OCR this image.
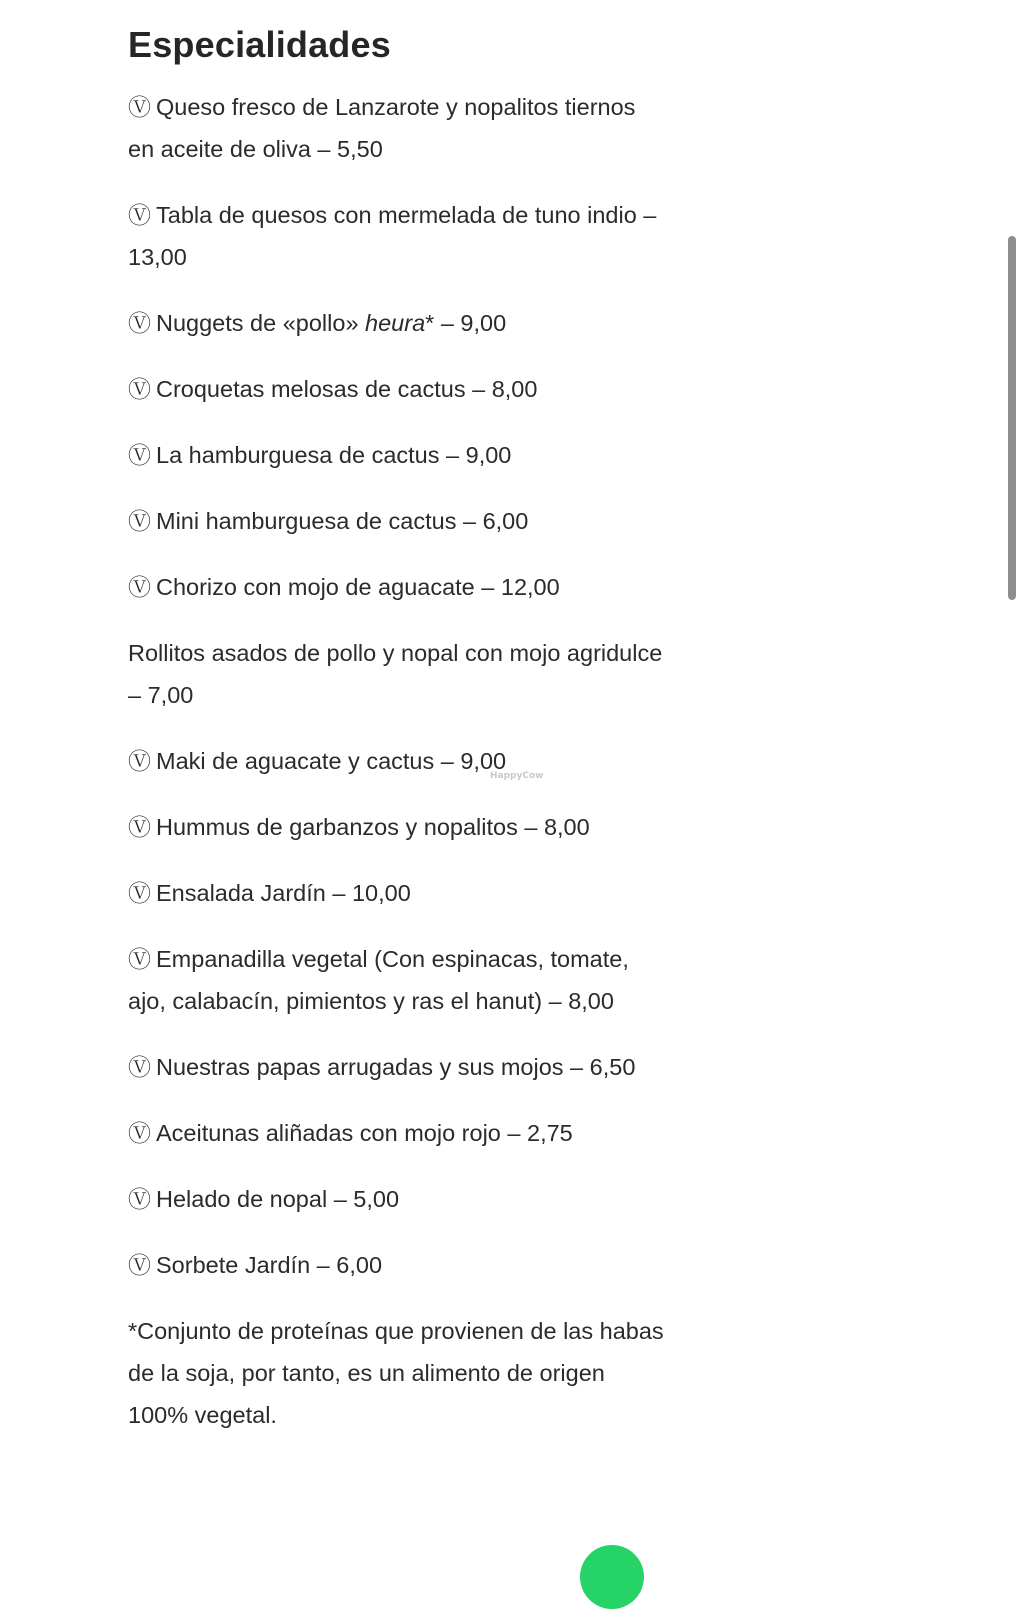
Especialidades
Ⓥ Queso fresco de Lanzarote y nopalitos tiernos en aceite de oliva – 5,50
Ⓥ Tabla de quesos con mermelada de tuno indio – 13,00
Ⓥ Nuggets de «pollo» heura* – 9,00
Ⓥ Croquetas melosas de cactus – 8,00
Ⓥ La hamburguesa de cactus – 9,00
Ⓥ Mini hamburguesa de cactus – 6,00
Ⓥ Chorizo con mojo de aguacate – 12,00
Rollitos asados de pollo y nopal con mojo agridulce – 7,00
Ⓥ Maki de aguacate y cactus – 9,00
Ⓥ Hummus de garbanzos y nopalitos – 8,00
Ⓥ Ensalada Jardín – 10,00
Ⓥ Empanadilla vegetal (Con espinacas, tomate, ajo, calabacín, pimientos y ras el hanut) – 8,00
Ⓥ Nuestras papas arrugadas y sus mojos – 6,50
Ⓥ Aceitunas aliñadas con mojo rojo – 2,75
Ⓥ Helado de nopal – 5,00
Ⓥ Sorbete Jardín – 6,00

*Conjunto de proteínas que provienen de las habas de la soja, por tanto, es un alimento de origen 100% vegetal.

HappyCow
